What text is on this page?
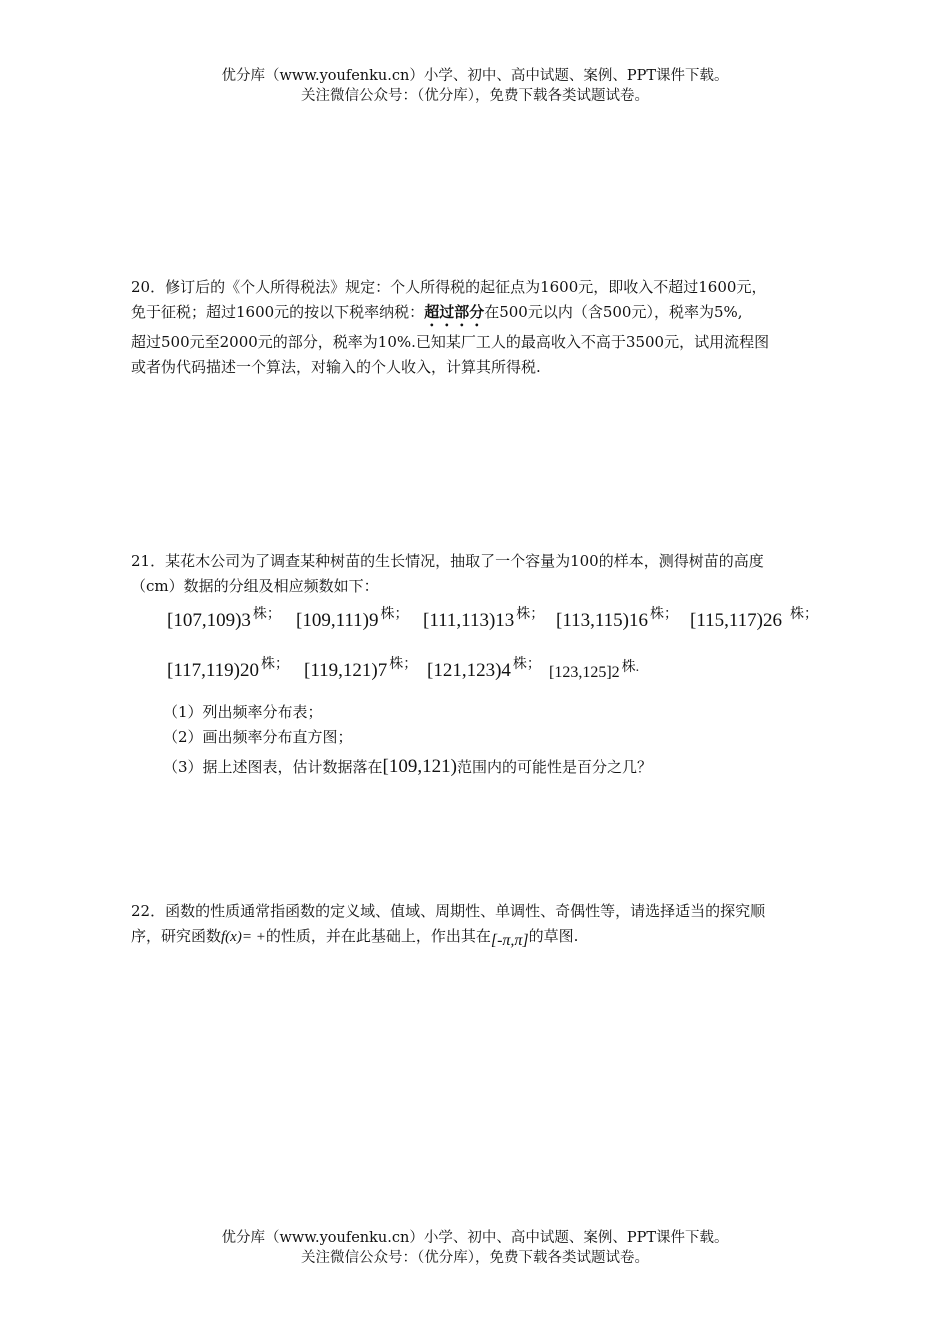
优分库（www.youfenku.cn）小学、初中、高中试题、案例、PPT课件下载。
关注微信公众号：（优分库），免费下载各类试题试卷。
20．修订后的《个人所得税法》规定：个人所得税的起征点为1600元，即收入不超过1600元，
免于征税；超过1600元的按以下税率纳税：超过部分在500元以内（含500元），税率为5%,
超过500元至2000元的部分，税率为10%.已知某厂工人的最高收入不高于3500元，试用流程图
或者伪代码描述一个算法，对输入的个人收入，计算其所得税.
21．某花木公司为了调查某种树苗的生长情况，抽取了一个容量为100的样本，测得树苗的高度
（cm）数据的分组及相应频数如下：
[107,109)3 $^{株;}$ [109,111)9 $^{株;}$ [111,113)13 $^{株;}$ [113,115)16 $^{株;}$ [115,117)26 $^{株;}$
[117,119)20 $^{株;}$ [119,121)7 $^{株;}$ [121,123)4 $^{株;}$ [123,125]2 株.
（1）列出频率分布表；
（2）画出频率分布直方图；
（3）据上述图表，估计数据落在[109,121)范围内的可能性是百分之几？
22．函数的性质通常指函数的定义域、值域、周期性、单调性、奇偶性等，请选择适当的探究顺
序，研究函数f(x)= +的性质，并在此基础上，作出其在[-π,π]的草图.
优分库（www.youfenku.cn）小学、初中、高中试题、案例、PPT课件下载。
关注微信公众号：（优分库），免费下载各类试题试卷。
